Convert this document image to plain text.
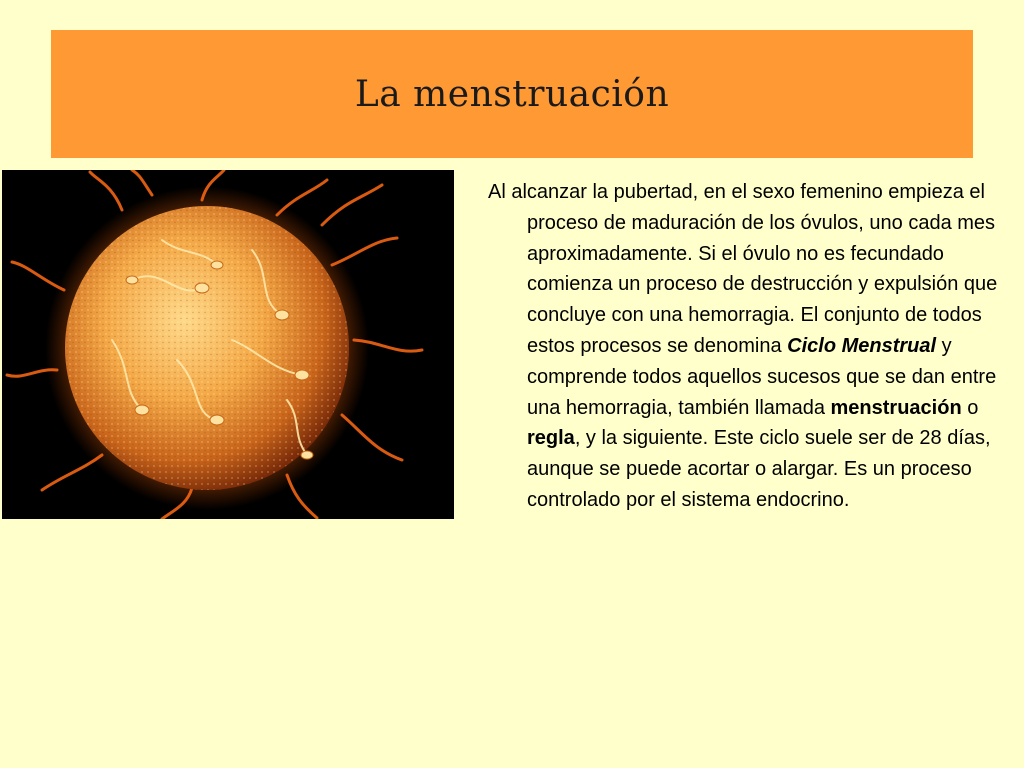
La menstruación

Al alcanzar la pubertad, en el sexo femenino empieza el proceso de maduración de los óvulos, uno cada mes aproximadamente. Si el óvulo no es fecundado comienza un proceso de destrucción y expulsión que concluye con una hemorragia. El conjunto de todos estos procesos se denomina Ciclo Menstrual y comprende todos aquellos sucesos que se dan entre una hemorragia, también llamada menstruación o regla, y la siguiente. Este ciclo suele ser de 28 días, aunque se puede acortar o alargar. Es un proceso controlado por el sistema endocrino.
